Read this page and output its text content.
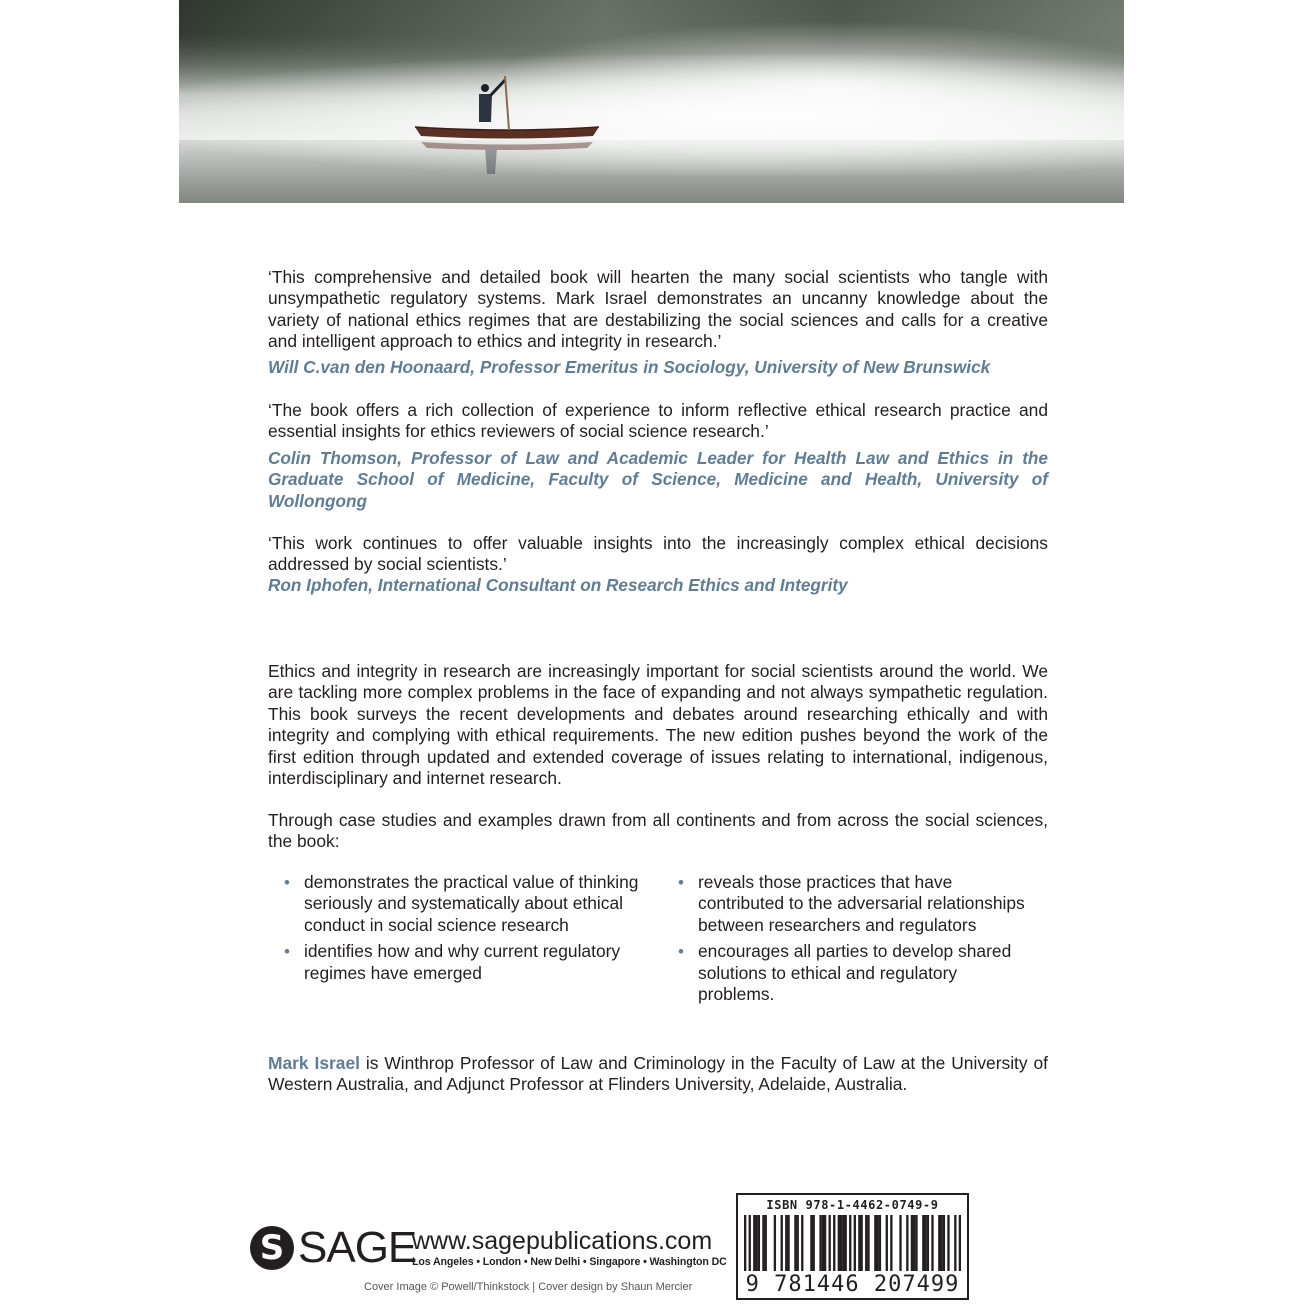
‘This comprehensive and detailed book will hearten the many social scientists who tangle with unsympathetic regulatory systems. Mark Israel demonstrates an uncanny knowledge about the variety of national ethics regimes that are destabilizing the social sciences and calls for a creative and intelligent approach to ethics and integrity in research.’

Will C.van den Hoonaard, Professor Emeritus in Sociology, University of New Brunswick

‘The book offers a rich collection of experience to inform reflective ethical research practice and essential insights for ethics reviewers of social science research.’

Colin Thomson, Professor of Law and Academic Leader for Health Law and Ethics in the Graduate School of Medicine, Faculty of Science, Medicine and Health, University of Wollongong

‘This work continues to offer valuable insights into the increasingly complex ethical decisions addressed by social scientists.’

Ron Iphofen, International Consultant on Research Ethics and Integrity

Ethics and integrity in research are increasingly important for social scientists around the world. We are tackling more complex problems in the face of expanding and not always sympathetic regulation. This book surveys the recent developments and debates around researching ethically and with integrity and complying with ethical requirements. The new edition pushes beyond the work of the first edition through updated and extended coverage of issues relating to international, indigenous, interdisciplinary and internet research.

Through case studies and examples drawn from all continents and from across the social sciences, the book:

• demonstrates the practical value of thinking seriously and systematically about ethical conduct in social science research
• identifies how and why current regulatory regimes have emerged
• reveals those practices that have contributed to the adversarial relationships between researchers and regulators
• encourages all parties to develop shared solutions to ethical and regulatory problems.

Mark Israel is Winthrop Professor of Law and Criminology in the Faculty of Law at the University of Western Australia, and Adjunct Professor at Flinders University, Adelaide, Australia.

S SAGE
www.sagepublications.com
Los Angeles • London • New Delhi • Singapore • Washington DC
Cover Image © Powell/Thinkstock | Cover design by Shaun Mercier
ISBN 978-1-4462-0749-9
9 781446 207499
